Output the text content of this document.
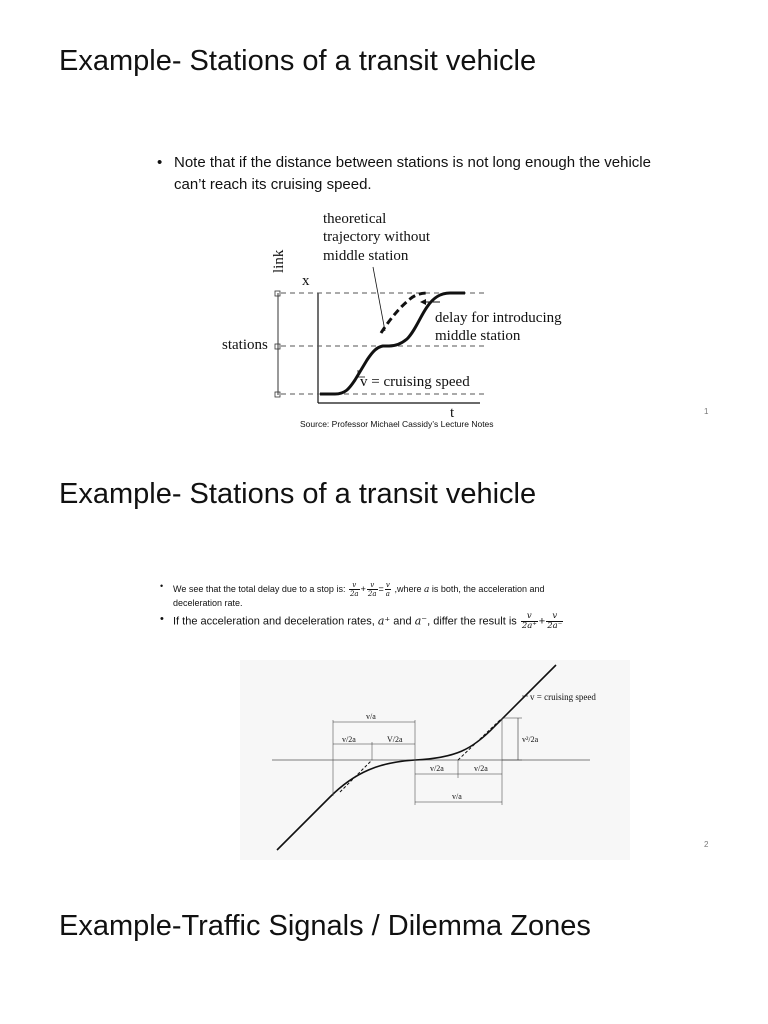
Example- Stations of a transit vehicle
• Note that if the distance between stations is not long enough the vehicle can’t reach its cruising speed.
theoretical
trajectory without
middle station
link
x
t
stations
delay for introducing
middle station
v = cruising speed
Source: Professor Michael Cassidy’s Lecture Notes
1
Example- Stations of a transit vehicle
•	We see that the total delay due to a stop is: $\frac{v}{2a} + \frac{v}{2a} = \frac{v}{a}$ ,where a is both, the acceleration and
deceleration rate.
• If the acceleration and deceleration rates, a⁺ and a⁻, differ the result is $\frac{v}{2a^+} + \frac{v}{2a^-}$
v/a
v/2a	V/2a
v/2a	v/2a
v/a
v²/2a
v = cruising speed
2
Example-Traffic Signals / Dilemma Zones
